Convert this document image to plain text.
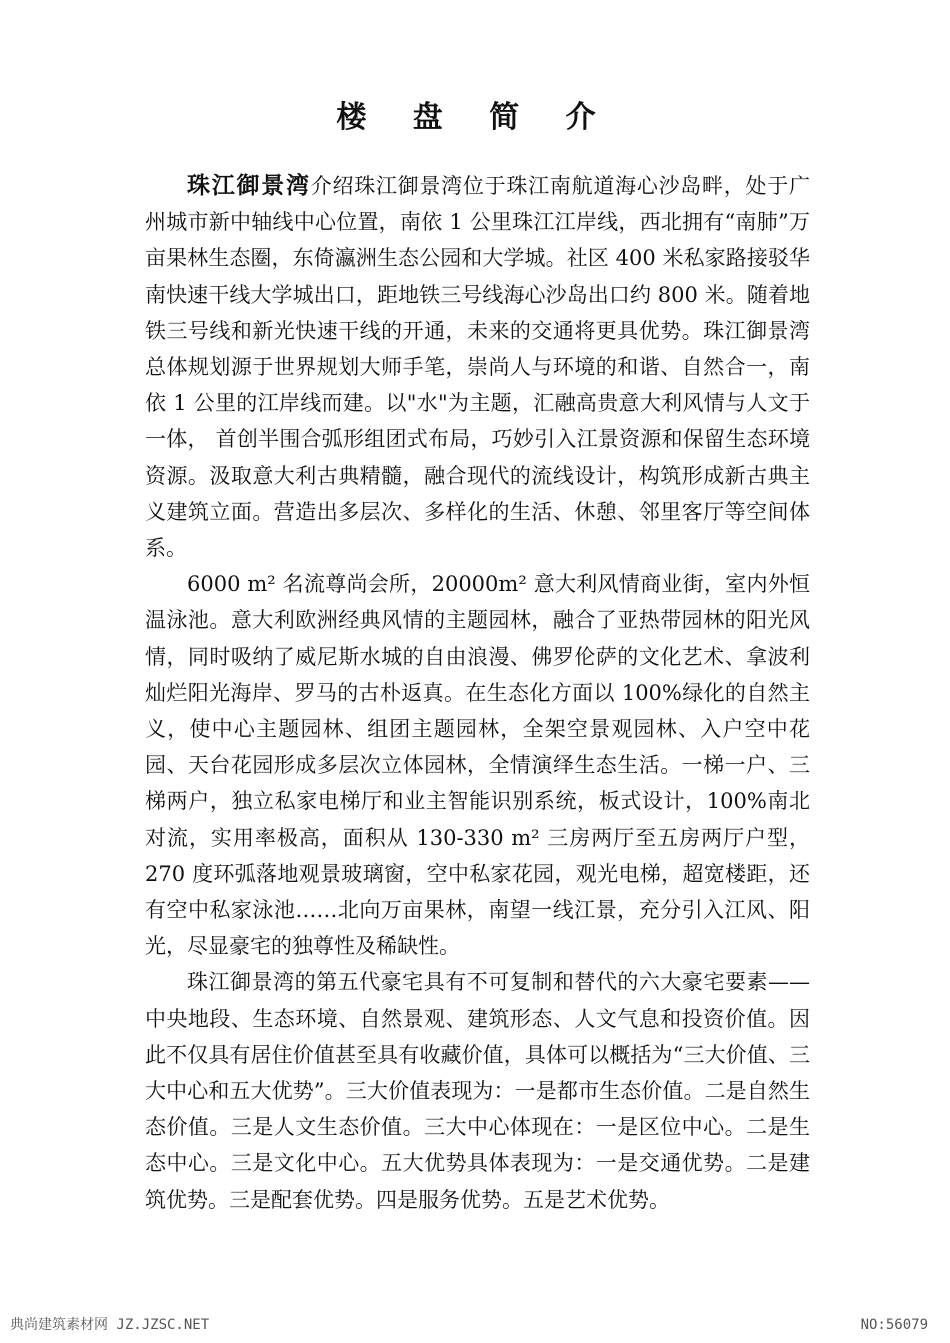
楼 盘 简 介

珠江御景湾介绍珠江御景湾位于珠江南航道海心沙岛畔，处于广州城市新中轴线中心位置，南依 1 公里珠江江岸线，西北拥有“南肺”万亩果林生态圈，东倚瀛洲生态公园和大学城。社区 400 米私家路接驳华南快速干线大学城出口，距地铁三号线海心沙岛出口约 800 米。随着地铁三号线和新光快速干线的开通，未来的交通将更具优势。珠江御景湾总体规划源于世界规划大师手笔，崇尚人与环境的和谐、自然合一，南依 1 公里的江岸线而建。以"水"为主题，汇融高贵意大利风情与人文于一体， 首创半围合弧形组团式布局，巧妙引入江景资源和保留生态环境资源。汲取意大利古典精髓，融合现代的流线设计，构筑形成新古典主义建筑立面。营造出多层次、多样化的生活、休憩、邻里客厅等空间体系。

6000 m² 名流尊尚会所，20000m² 意大利风情商业街，室内外恒温泳池。意大利欧洲经典风情的主题园林，融合了亚热带园林的阳光风情，同时吸纳了威尼斯水城的自由浪漫、佛罗伦萨的文化艺术、拿波利灿烂阳光海岸、罗马的古朴返真。在生态化方面以 100%绿化的自然主义，使中心主题园林、组团主题园林，全架空景观园林、入户空中花园、天台花园形成多层次立体园林，全情演绎生态生活。一梯一户、三梯两户，独立私家电梯厅和业主智能识别系统，板式设计，100%南北对流，实用率极高，面积从 130-330 m² 三房两厅至五房两厅户型，270 度环弧落地观景玻璃窗，空中私家花园，观光电梯，超宽楼距，还有空中私家泳池……北向万亩果林，南望一线江景，充分引入江风、阳光，尽显豪宅的独尊性及稀缺性。

珠江御景湾的第五代豪宅具有不可复制和替代的六大豪宅要素——中央地段、生态环境、自然景观、建筑形态、人文气息和投资价值。因此不仅具有居住价值甚至具有收藏价值，具体可以概括为“三大价值、三大中心和五大优势”。三大价值表现为：一是都市生态价值。二是自然生态价值。三是人文生态价值。三大中心体现在：一是区位中心。二是生态中心。三是文化中心。五大优势具体表现为：一是交通优势。二是建筑优势。三是配套优势。四是服务优势。五是艺术优势。

典尚建筑素材网 JZ.JZSC.NET	NO:56079
